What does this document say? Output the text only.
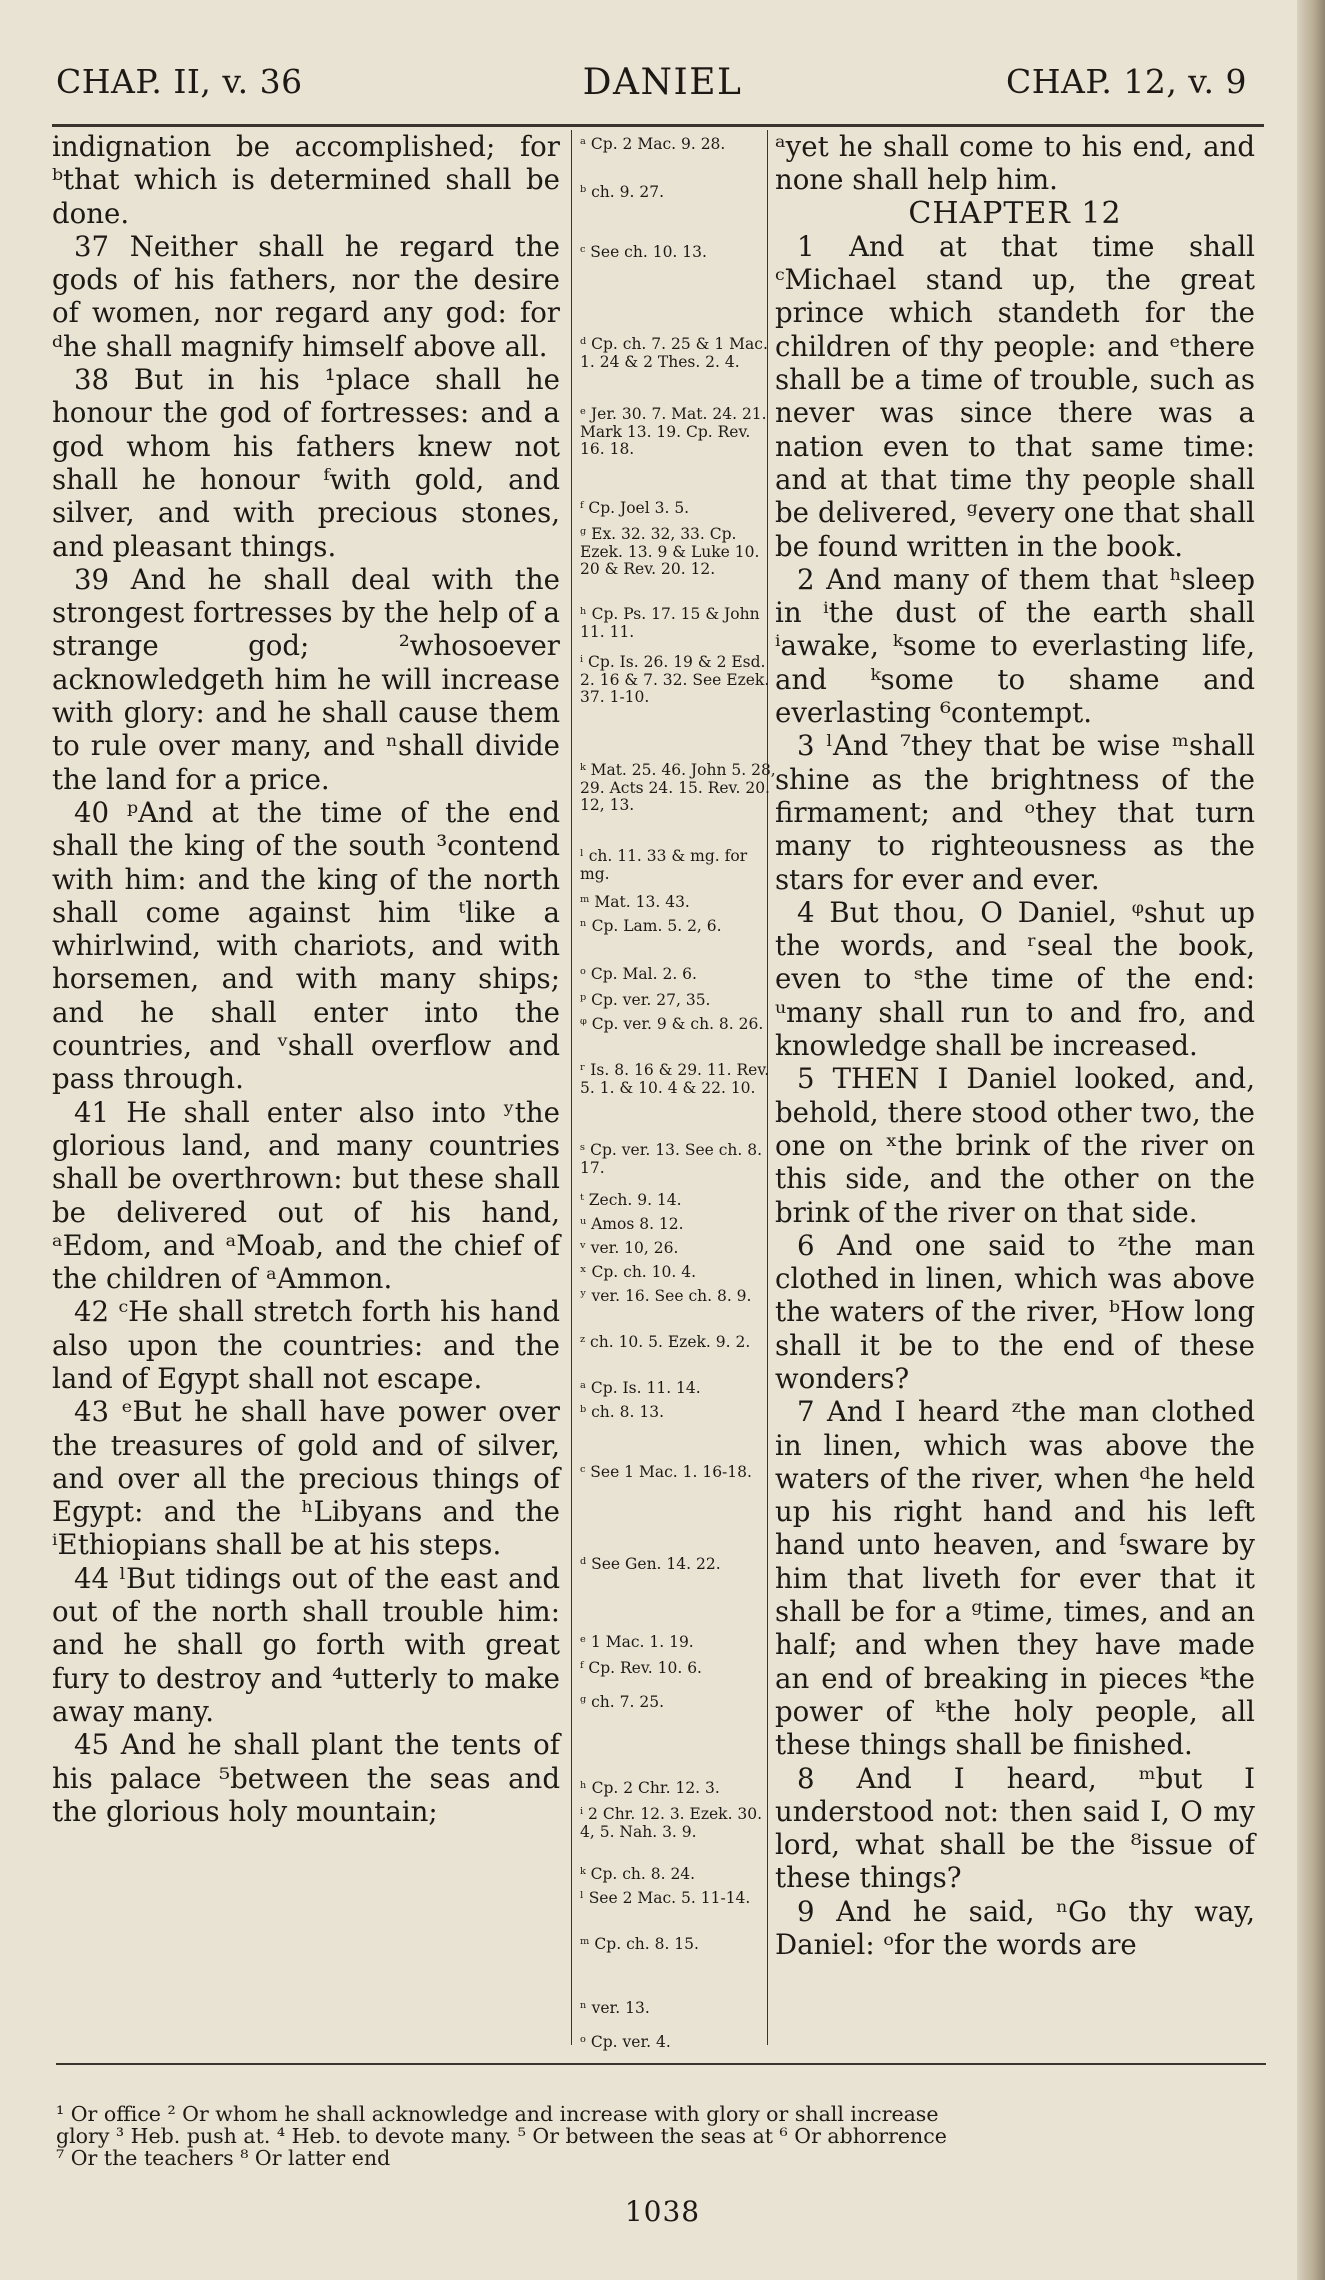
CHAP. II, v. 36	DANIEL	CHAP. 12, v. 9

indignation be accomplished; for ᵇthat which is determined shall be done.

37 Neither shall he regard the gods of his fathers, nor the desire of women, nor regard any god: for ᵈhe shall magnify himself above all.

38 But in his ¹place shall he honour the god of fortresses: and a god whom his fathers knew not shall he honour ᶠwith gold, and silver, and with precious stones, and pleasant things.

39 And he shall deal with the strongest fortresses by the help of a strange god; ²whosoever acknowledgeth him he will increase with glory: and he shall cause them to rule over many, and ⁿshall divide the land for a price.

40 ᵖAnd at the time of the end shall the king of the south ³contend with him: and the king of the north shall come against him ᵗlike a whirlwind, with chariots, and with horsemen, and with many ships; and he shall enter into the countries, and ᵛshall overflow and pass through.

41 He shall enter also into ʸthe glorious land, and many countries shall be overthrown: but these shall be delivered out of his hand, ᵃEdom, and ᵃMoab, and the chief of the children of ᵃAmmon.

42 ᶜHe shall stretch forth his hand also upon the countries: and the land of Egypt shall not escape.

43 ᵉBut he shall have power over the treasures of gold and of silver, and over all the precious things of Egypt: and the ʰLibyans and the ⁱEthiopians shall be at his steps.

44 ˡBut tidings out of the east and out of the north shall trouble him: and he shall go forth with great fury to destroy and ⁴utterly to make away many.

45 And he shall plant the tents of his palace ⁵between the seas and the glorious holy mountain;

ᵃ Cp. 2 Mac. 9. 28.
ᵇ ch. 9. 27.
ᶜ See ch. 10. 13.
ᵈ Cp. ch. 7. 25 & 1 Mac. 1. 24 & 2 Thes. 2. 4.
ᵉ Jer. 30. 7. Mat. 24. 21. Mark 13. 19. Cp. Rev. 16. 18.
ᶠ Cp. Joel 3. 5.
ᵍ Ex. 32. 32, 33. Cp. Ezek. 13. 9 & Luke 10. 20 & Rev. 20. 12.
ʰ Cp. Ps. 17. 15 & John 11. 11.
ⁱ Cp. Is. 26. 19 & 2 Esd. 2. 16 & 7. 32. See Ezek. 37. 1-10.
ᵏ Mat. 25. 46. John 5. 28, 29. Acts 24. 15. Rev. 20. 12, 13.
ˡ ch. 11. 33 & mg. for mg.
ᵐ Mat. 13. 43.
ⁿ Cp. Lam. 5. 2, 6.
ᵒ Cp. Mal. 2. 6.
ᵖ Cp. ver. 27, 35.
ᵠ Cp. ver. 9 & ch. 8. 26.
ʳ Is. 8. 16 & 29. 11. Rev. 5. 1. & 10. 4 & 22. 10.
ˢ Cp. ver. 13. See ch. 8. 17.
ᵗ Zech. 9. 14.
ᵘ Amos 8. 12.
ᵛ ver. 10, 26.
ˣ Cp. ch. 10. 4.
ʸ ver. 16. See ch. 8. 9.
ᶻ ch. 10. 5. Ezek. 9. 2.
ᵃ Cp. Is. 11. 14.
ᵇ ch. 8. 13.
ᶜ See 1 Mac. 1. 16-18.
ᵈ See Gen. 14. 22.
ᵉ 1 Mac. 1. 19.
ᶠ Cp. Rev. 10. 6.
ᵍ ch. 7. 25.
ʰ Cp. 2 Chr. 12. 3.
ⁱ 2 Chr. 12. 3. Ezek. 30. 4, 5. Nah. 3. 9.
ᵏ Cp. ch. 8. 24.
ˡ See 2 Mac. 5. 11-14.
ᵐ Cp. ch. 8. 15.
ⁿ ver. 13.
ᵒ Cp. ver. 4.

ᵃyet he shall come to his end, and none shall help him.

CHAPTER 12

1 And at that time shall ᶜMichael stand up, the great prince which standeth for the children of thy people: and ᵉthere shall be a time of trouble, such as never was since there was a nation even to that same time: and at that time thy people shall be delivered, ᵍevery one that shall be found written in the book.

2 And many of them that ʰsleep in ⁱthe dust of the earth shall ⁱawake, ᵏsome to everlasting life, and ᵏsome to shame and everlasting ⁶contempt.

3 ˡAnd ⁷they that be wise ᵐshall shine as the brightness of the firmament; and ᵒthey that turn many to righteousness as the stars for ever and ever.

4 But thou, O Daniel, ᵠshut up the words, and ʳseal the book, even to ˢthe time of the end: ᵘmany shall run to and fro, and knowledge shall be increased.

5 THEN I Daniel looked, and, behold, there stood other two, the one on ˣthe brink of the river on this side, and the other on the brink of the river on that side.

6 And one said to ᶻthe man clothed in linen, which was above the waters of the river, ᵇHow long shall it be to the end of these wonders?

7 And I heard ᶻthe man clothed in linen, which was above the waters of the river, when ᵈhe held up his right hand and his left hand unto heaven, and ᶠsware by him that liveth for ever that it shall be for a ᵍtime, times, and an half; and when they have made an end of breaking in pieces ᵏthe power of ᵏthe holy people, all these things shall be finished.

8 And I heard, ᵐbut I understood not: then said I, O my lord, what shall be the ⁸issue of these things?

9 And he said, ⁿGo thy way, Daniel: ᵒfor the words are

¹ Or office ² Or whom he shall acknowledge and increase with glory or shall increase

glory ³ Heb. push at. ⁴ Heb. to devote many. ⁵ Or between the seas at ⁶ Or abhorrence

⁷ Or the teachers ⁸ Or latter end

1038
